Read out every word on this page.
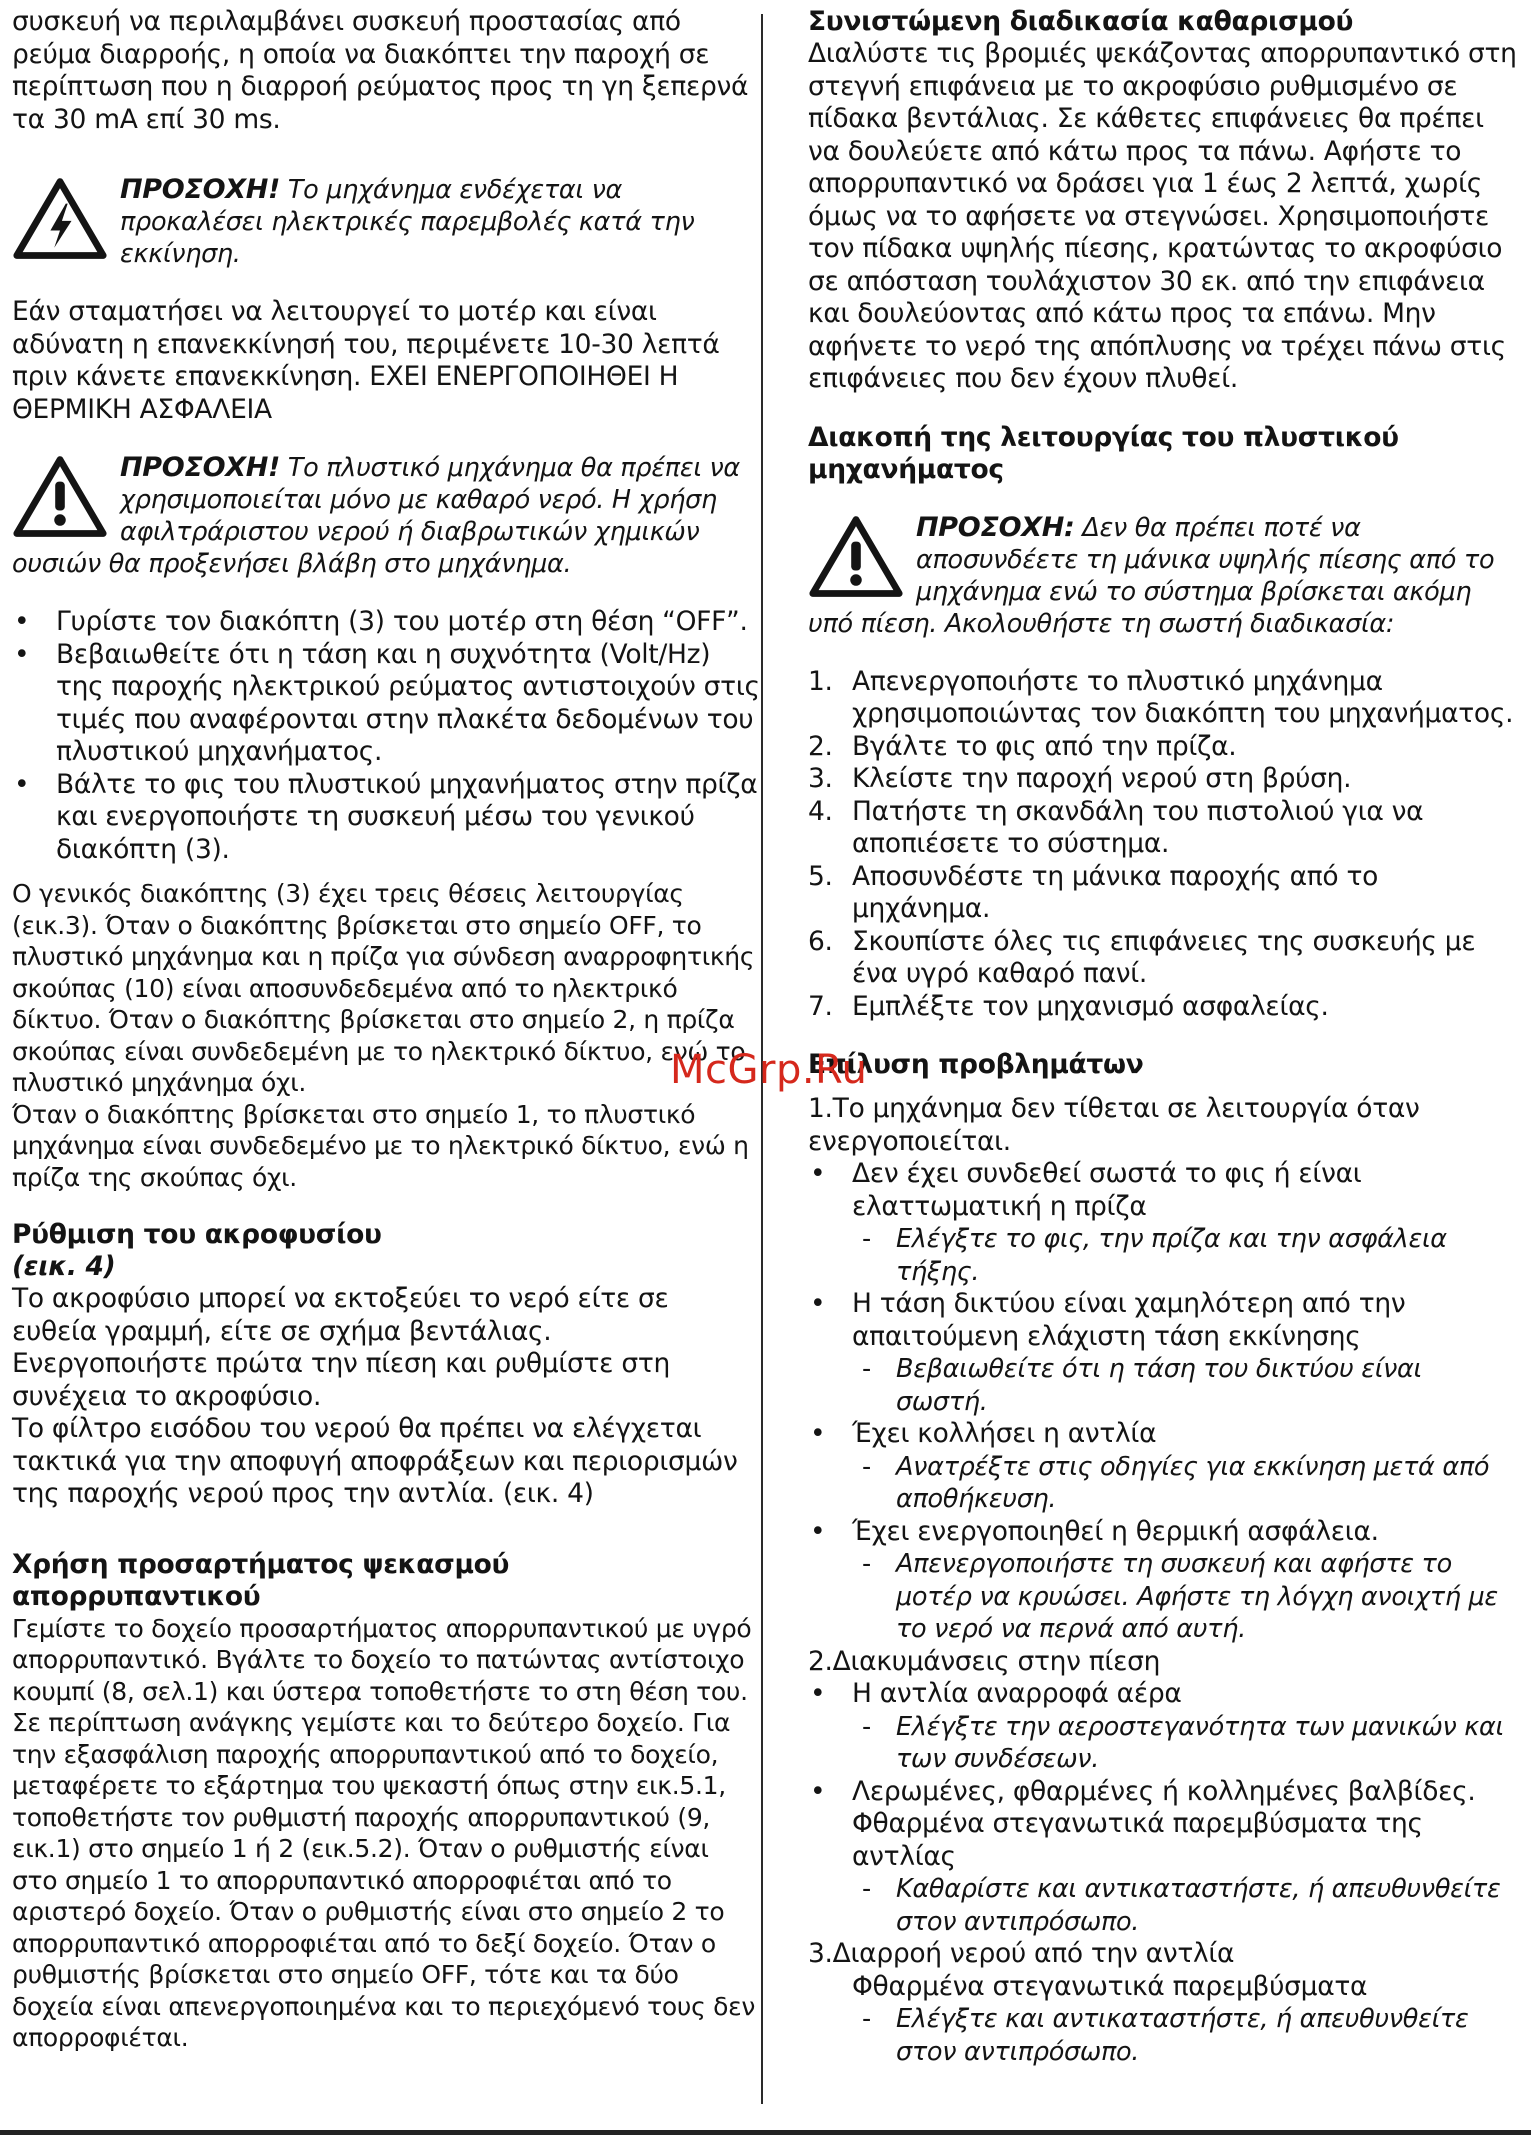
συσκευή να περιλαμβάνει συσκευή προστασίας από ρεύμα διαρροής, η οποία να διακόπτει την παροχή σε περίπτωση που η διαρροή ρεύματος προς τη γη ξεπερνά τα 30 mA επί 30 ms.

ΠΡΟΣΟΧΗ! Το μηχάνημα ενδέχεται να προκαλέσει ηλεκτρικές παρεμβολές κατά την εκκίνηση.

Εάν σταματήσει να λειτουργεί το μοτέρ και είναι αδύνατη η επανεκκίνησή του, περιμένετε 10-30 λεπτά πριν κάνετε επανεκκίνηση. ΕΧΕΙ ΕΝΕΡΓΟΠΟΙΗΘΕΙ Η ΘΕΡΜΙΚΗ ΑΣΦΑΛΕΙΑ

ΠΡΟΣΟΧΗ! Το πλυστικό μηχάνημα θα πρέπει να χρησιμοποιείται μόνο με καθαρό νερό. Η χρήση αφιλτράριστου νερού ή διαβρωτικών χημικών ουσιών θα προξενήσει βλάβη στο μηχάνημα.
• Γυρίστε τον διακόπτη (3) του μοτέρ στη θέση “OFF”.
• Βεβαιωθείτε ότι η τάση και η συχνότητα (Volt/Hz) της παροχής ηλεκτρικού ρεύματος αντιστοιχούν στις τιμές που αναφέρονται στην πλακέτα δεδομένων του πλυστικού μηχανήματος.
• Βάλτε το φις του πλυστικού μηχανήματος στην πρίζα και ενεργοποιήστε τη συσκευή μέσω του γενικού διακόπτη (3).

Ο γενικός διακόπτης (3) έχει τρεις θέσεις λειτουργίας (εικ.3). Όταν ο διακόπτης βρίσκεται στο σημείο OFF, το πλυστικό μηχάνημα και η πρίζα για σύνδεση αναρροφητικής σκούπας (10) είναι αποσυνδεδεμένα από το ηλεκτρικό δίκτυο. Όταν ο διακόπτης βρίσκεται στο σημείο 2, η πρίζα σκούπας είναι συνδεδεμένη με το ηλεκτρικό δίκτυο, ενώ το πλυστικό μηχάνημα όχι.

Όταν ο διακόπτης βρίσκεται στο σημείο 1, το πλυστικό μηχάνημα είναι συνδεδεμένο με το ηλεκτρικό δίκτυο, ενώ η πρίζα της σκούπας όχι.

Ρύθμιση του ακροφυσίου
(εικ. 4)

Το ακροφύσιο μπορεί να εκτοξεύει το νερό είτε σε ευθεία γραμμή, είτε σε σχήμα βεντάλιας.

Ενεργοποιήστε πρώτα την πίεση και ρυθμίστε στη συνέχεια το ακροφύσιο.

Το φίλτρο εισόδου του νερού θα πρέπει να ελέγχεται τακτικά για την αποφυγή αποφράξεων και περιορισμών της παροχής νερού προς την αντλία. (εικ. 4)

Χρήση προσαρτήματος ψεκασμού απορρυπαντικού

Γεμίστε το δοχείο προσαρτήματος απορρυπαντικού με υγρό απορρυπαντικό. Βγάλτε το δοχείο το πατώντας αντίστοιχο κουμπί (8, σελ.1) και ύστερα τοποθετήστε το στη θέση του. Σε περίπτωση ανάγκης γεμίστε και το δεύτερο δοχείο. Για την εξασφάλιση παροχής απορρυπαντικού από το δοχείο, μεταφέρετε το εξάρτημα του ψεκαστή όπως στην εικ.5.1, τοποθετήστε τον ρυθμιστή παροχής απορρυπαντικού (9, εικ.1) στο σημείο 1 ή 2 (εικ.5.2). Όταν ο ρυθμιστής είναι στο σημείο 1 το απορρυπαντικό απορροφιέται από το αριστερό δοχείο. Όταν ο ρυθμιστής είναι στο σημείο 2 το απορρυπαντικό απορροφιέται από το δεξί δοχείο. Όταν ο ρυθμιστής βρίσκεται στο σημείο OFF, τότε και τα δύο δοχεία είναι απενεργοποιημένα και το περιεχόμενό τους δεν απορροφιέται.

Συνιστώμενη διαδικασία καθαρισμού

Διαλύστε τις βρομιές ψεκάζοντας απορρυπαντικό στη στεγνή επιφάνεια με το ακροφύσιο ρυθμισμένο σε πίδακα βεντάλιας. Σε κάθετες επιφάνειες θα πρέπει να δουλεύετε από κάτω προς τα πάνω. Αφήστε το απορρυπαντικό να δράσει για 1 έως 2 λεπτά, χωρίς όμως να το αφήσετε να στεγνώσει. Χρησιμοποιήστε τον πίδακα υψηλής πίεσης, κρατώντας το ακροφύσιο σε απόσταση τουλάχιστον 30 εκ. από την επιφάνεια και δουλεύοντας από κάτω προς τα επάνω. Μην αφήνετε το νερό της απόπλυσης να τρέχει πάνω στις επιφάνειες που δεν έχουν πλυθεί.

Διακοπή της λειτουργίας του πλυστικού μηχανήματος
ΠΡΟΣΟΧΗ: Δεν θα πρέπει ποτέ να αποσυνδέετε τη μάνικα υψηλής πίεσης από το μηχάνημα ενώ το σύστημα βρίσκεται ακόμη υπό πίεση. Ακολουθήστε τη σωστή διαδικασία:
1. Απενεργοποιήστε το πλυστικό μηχάνημα χρησιμοποιώντας τον διακόπτη του μηχανήματος.
2. Βγάλτε το φις από την πρίζα.
3. Κλείστε την παροχή νερού στη βρύση.
4. Πατήστε τη σκανδάλη του πιστολιού για να αποπιέσετε το σύστημα.
5. Αποσυνδέστε τη μάνικα παροχής από το μηχάνημα.
6. Σκουπίστε όλες τις επιφάνειες της συσκευής με ένα υγρό καθαρό πανί.
7. Εμπλέξτε τον μηχανισμό ασφαλείας.
Επίλυση προβλημάτων

1.Το μηχάνημα δεν τίθεται σε λειτουργία όταν ενεργοποιείται.

• Δεν έχει συνδεθεί σωστά το φις ή είναι ελαττωματική η πρίζα
- Ελέγξτε το φις, την πρίζα και την ασφάλεια τήξης.
• Η τάση δικτύου είναι χαμηλότερη από την απαιτούμενη ελάχιστη τάση εκκίνησης
- Βεβαιωθείτε ότι η τάση του δικτύου είναι σωστή.
• Έχει κολλήσει η αντλία
- Ανατρέξτε στις οδηγίες για εκκίνηση μετά από αποθήκευση.
• Έχει ενεργοποιηθεί η θερμική ασφάλεια.
- Απενεργοποιήστε τη συσκευή και αφήστε το μοτέρ να κρυώσει. Αφήστε τη λόγχη ανοιχτή με το νερό να περνά από αυτή.

2.Διακυμάνσεις στην πίεση

• Η αντλία αναρροφά αέρα
- Ελέγξτε την αεροστεγανότητα των μανικών και των συνδέσεων.
• Λερωμένες, φθαρμένες ή κολλημένες βαλβίδες. Φθαρμένα στεγανωτικά παρεμβύσματα της αντλίας
- Καθαρίστε και αντικαταστήστε, ή απευθυνθείτε στον αντιπρόσωπο.

3.Διαρροή νερού από την αντλία

Φθαρμένα στεγανωτικά παρεμβύσματα

- Ελέγξτε και αντικαταστήστε, ή απευθυνθείτε στον αντιπρόσωπο.
McGrp.Ru
